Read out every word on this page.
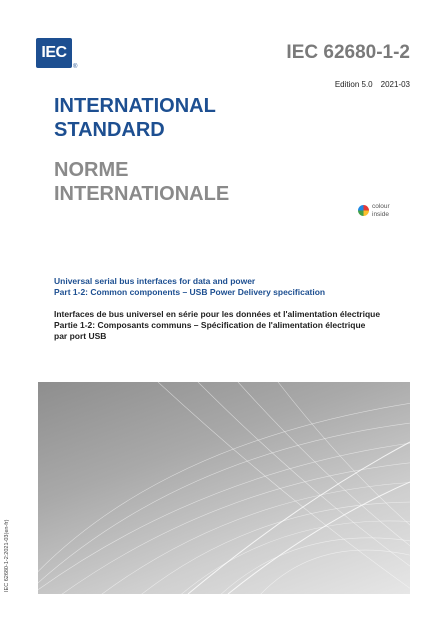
IEC
®
IEC 62680-1-2
Edition 5.0 2021-03
INTERNATIONAL
STANDARD
NORME
INTERNATIONALE
colour
inside
Universal serial bus interfaces for data and power
Part 1-2: Common components – USB Power Delivery specification
Interfaces de bus universel en série pour les données et l'alimentation électrique
Partie 1-2: Composants communs – Spécification de l'alimentation électrique
par port USB
IEC 62680-1-2:2021-03(en-fr)
